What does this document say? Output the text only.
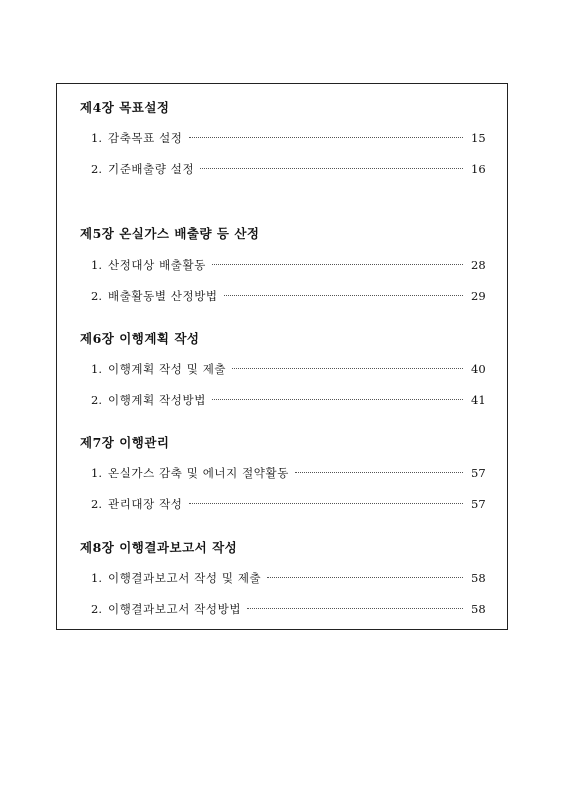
제4장 목표설정
1. 감축목표 설정	15
2. 기준배출량 설정	16
제5장 온실가스 배출량 등 산정
1. 산정대상 배출활동	28
2. 배출활동별 산정방법	29
제6장 이행계획 작성
1. 이행계획 작성 및 제출	40
2. 이행계획 작성방법	41
제7장 이행관리
1. 온실가스 감축 및 에너지 절약활동	57
2. 관리대장 작성	57
제8장 이행결과보고서 작성
1. 이행결과보고서 작성 및 제출	58
2. 이행결과보고서 작성방법	58
